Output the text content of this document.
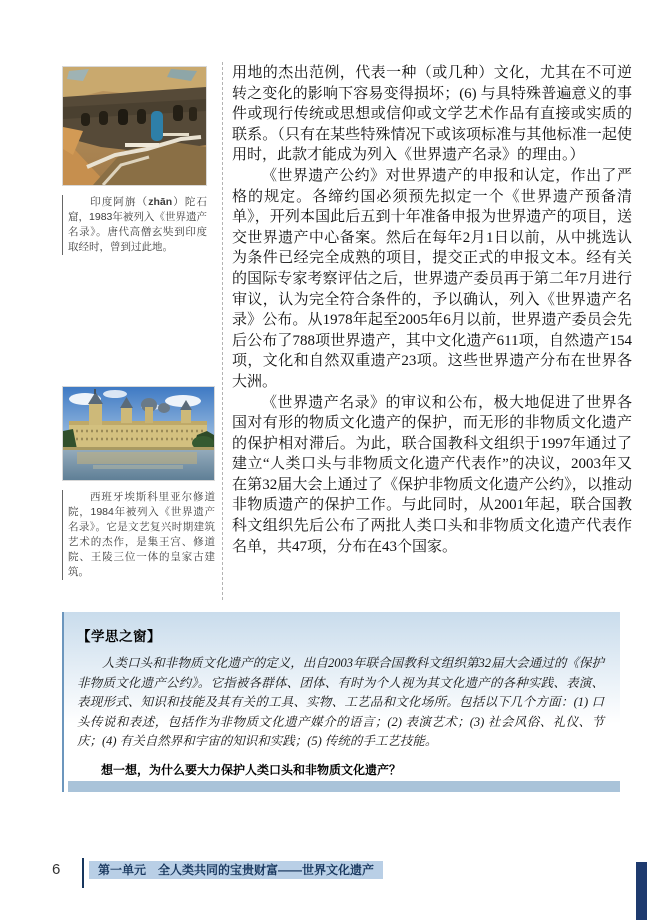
印度阿旃（zhān）陀石窟，1983年被列入《世界遗产名录》。唐代高僧玄奘到印度取经时，曾到过此地。
西班牙埃斯科里亚尔修道院，1984年被列入《世界遗产名录》。它是文艺复兴时期建筑艺术的杰作，是集王宫、修道院、王陵三位一体的皇家古建筑。

用地的杰出范例，代表一种（或几种）文化，尤其在不可逆转之变化的影响下容易变得损坏；(6) 与具特殊普遍意义的事件或现行传统或思想或信仰或文学艺术作品有直接或实质的联系。（只有在某些特殊情况下或该项标准与其他标准一起使用时，此款才能成为列入《世界遗产名录》的理由。）

《世界遗产公约》对世界遗产的申报和认定，作出了严格的规定。各缔约国必须预先拟定一个《世界遗产预备清单》，开列本国此后五到十年准备申报为世界遗产的项目，送交世界遗产中心备案。然后在每年2月1日以前，从中挑选认为条件已经完全成熟的项目，提交正式的申报文本。经有关的国际专家考察评估之后，世界遗产委员再于第二年7月进行审议，认为完全符合条件的，予以确认，列入《世界遗产名录》公布。从1978年起至2005年6月以前，世界遗产委员会先后公布了788项世界遗产，其中文化遗产611项，自然遗产154项，文化和自然双重遗产23项。这些世界遗产分布在世界各大洲。

《世界遗产名录》的审议和公布，极大地促进了世界各国对有形的物质文化遗产的保护，而无形的非物质文化遗产的保护相对滞后。为此，联合国教科文组织于1997年通过了建立“人类口头与非物质文化遗产代表作”的决议，2003年又在第32届大会上通过了《保护非物质文化遗产公约》，以推动非物质遗产的保护工作。与此同时，从2001年起，联合国教科文组织先后公布了两批人类口头和非物质文化遗产代表作名单，共47项，分布在43个国家。

【学思之窗】

人类口头和非物质文化遗产的定义，出自2003年联合国教科文组织第32届大会通过的《保护非物质文化遗产公约》。它指被各群体、团体、有时为个人视为其文化遗产的各种实践、表演、表现形式、知识和技能及其有关的工具、实物、工艺品和文化场所。包括以下几个方面：(1) 口头传说和表述，包括作为非物质文化遗产媒介的语言；(2) 表演艺术；(3) 社会风俗、礼仪、节庆；(4) 有关自然界和宇宙的知识和实践；(5) 传统的手工艺技能。

想一想，为什么要大力保护人类口头和非物质文化遗产？

6	第一单元　全人类共同的宝贵财富——世界文化遗产
